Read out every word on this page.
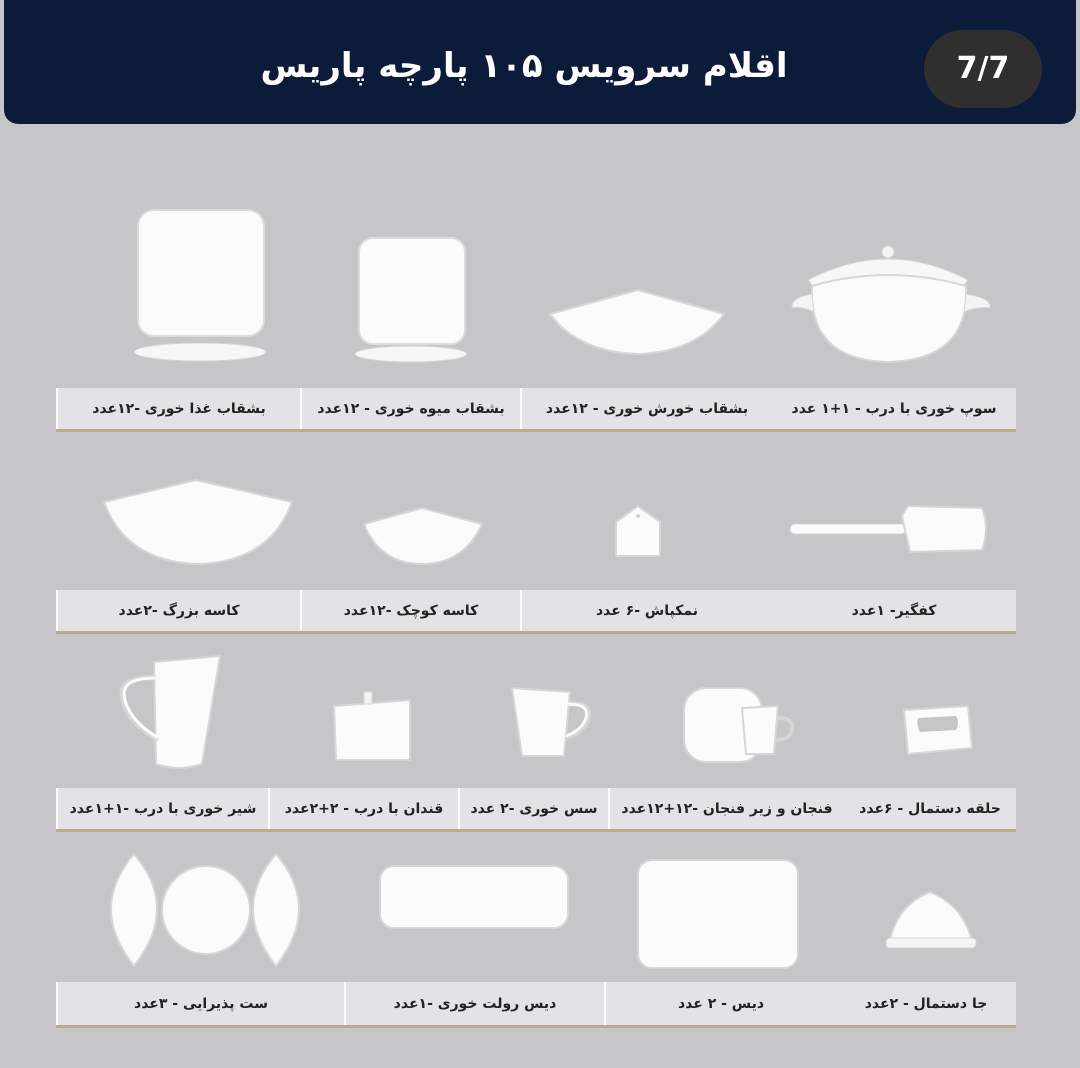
اقلام سرویس ۱۰۵ پارچه پاریس	7/7
سوپ خوری با درب - ۱+۱ عدد
بشقاب خورش خوری - ۱۲عدد
بشقاب میوه خوری - ۱۲عدد
بشقاب غذا خوری -۱۲عدد
کفگیر- ۱عدد
نمکپاش -۶ عدد
کاسه کوچک -۱۲عدد
کاسه بزرگ -۲عدد
حلقه دستمال - ۶عدد
فنجان و زیر فنجان -۱۲+۱۲عدد
سس خوری -۲ عدد
قندان با درب - ۲+۲عدد
شیر خوری با درب -۱+۱عدد
جا دستمال - ۲عدد
دیس - ۲ عدد
دیس رولت خوری -۱عدد
ست پذیرایی - ۳عدد
